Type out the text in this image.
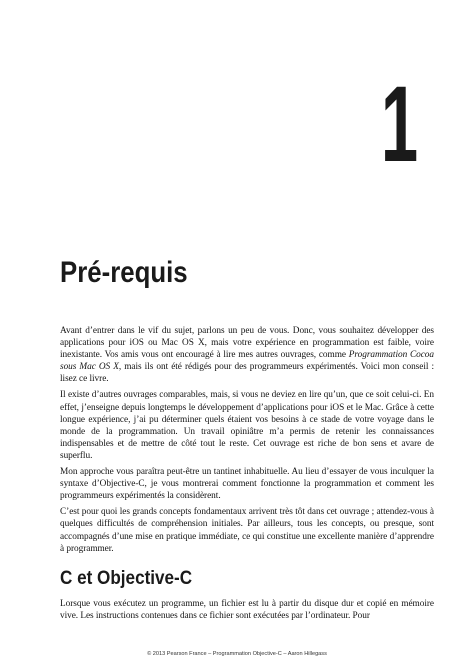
1
Pré-requis

Avant d’entrer dans le vif du sujet, parlons un peu de vous. Donc, vous souhaitez développer des applications pour iOS ou Mac OS X, mais votre expérience en programmation est faible, voire inexistante. Vos amis vous ont encouragé à lire mes autres ouvrages, comme Programmation Cocoa sous Mac OS X, mais ils ont été rédigés pour des programmeurs expérimentés. Voici mon conseil : lisez ce livre.

Il existe d’autres ouvrages comparables, mais, si vous ne deviez en lire qu’un, que ce soit celui-ci. En effet, j’enseigne depuis longtemps le développement d’applications pour iOS et le Mac. Grâce à cette longue expérience, j’ai pu déterminer quels étaient vos besoins à ce stade de votre voyage dans le monde de la programmation. Un travail opiniâtre m’a permis de retenir les connaissances indispensables et de mettre de côté tout le reste. Cet ouvrage est riche de bon sens et avare de superflu.

Mon approche vous paraîtra peut-être un tantinet inhabituelle. Au lieu d’essayer de vous inculquer la syntaxe d’Objective-C, je vous montrerai comment fonctionne la programmation et comment les programmeurs expérimentés la considèrent.

C’est pour quoi les grands concepts fondamentaux arrivent très tôt dans cet ouvrage ; attendez-vous à quelques difficultés de compréhension initiales. Par ailleurs, tous les concepts, ou presque, sont accompagnés d’une mise en pratique immédiate, ce qui constitue une excellente manière d’apprendre à programmer.

C et Objective-C

Lorsque vous exécutez un programme, un fichier est lu à partir du disque dur et copié en mémoire vive. Les instructions contenues dans ce fichier sont exécutées par l’ordinateur. Pour

© 2013 Pearson France – Programmation Objective-C – Aaron Hillegass
